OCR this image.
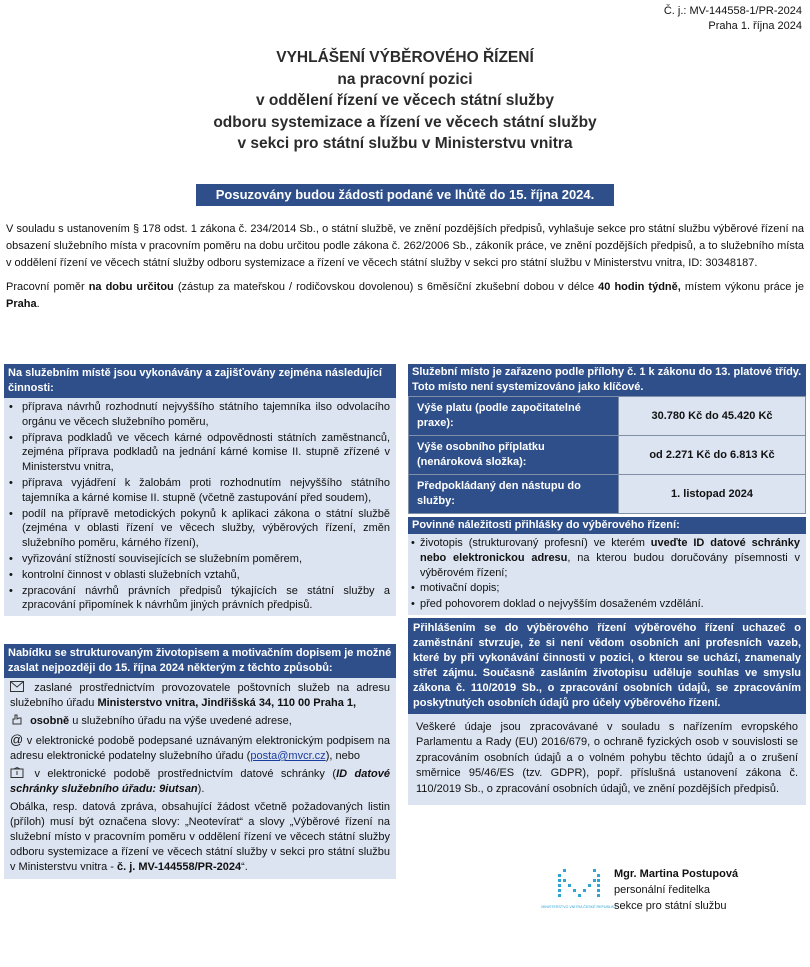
Č. j.: MV-144558-1/PR-2024
Praha 1. října 2024
VYHLÁŠENÍ VÝBĚROVÉHO ŘÍZENÍ
na pracovní pozici
v oddělení řízení ve věcech státní služby
odboru systemizace a řízení ve věcech státní služby
v sekci pro státní službu v Ministerstvu vnitra
Posuzovány budou žádosti podané ve lhůtě do 15. října 2024.

V souladu s ustanovením § 178 odst. 1 zákona č. 234/2014 Sb., o státní službě, ve znění pozdějších předpisů, vyhlašuje sekce pro státní službu výběrové řízení na obsazení služebního místa v pracovním poměru na dobu určitou podle zákona č. 262/2006 Sb., zákoník práce, ve znění pozdějších předpisů, a to služebního místa v oddělení řízení ve věcech státní služby odboru systemizace a řízení ve věcech státní služby v sekci pro státní službu v Ministerstvu vnitra, ID: 30348187.

Pracovní poměr na dobu určitou (zástup za mateřskou / rodičovskou dovolenou) s 6měsíční zkušební dobou v délce 40 hodin týdně, místem výkonu práce je Praha.

Na služebním místě jsou vykonávány a zajišťovány zejména následující činnosti:
• příprava návrhů rozhodnutí nejvyššího státního tajemníka ilso odvolacího orgánu ve věcech služebního poměru,
• příprava podkladů ve věcech kárné odpovědnosti státních zaměstnanců, zejména příprava podkladů na jednání kárné komise II. stupně zřízené v Ministerstvu vnitra,
• příprava vyjádření k žalobám proti rozhodnutím nejvyššího státního tajemníka a kárné komise II. stupně (včetně zastupování před soudem),
• podíl na přípravě metodických pokynů k aplikaci zákona o státní službě (zejména v oblasti řízení ve věcech služby, výběrových řízení, změn služebního poměru, kárného řízení),
• vyřizování stížností souvisejících se služebním poměrem,
• kontrolní činnost v oblasti služebních vztahů,
• zpracování návrhů právních předpisů týkajících se státní služby a zpracování připomínek k návrhům jiných právních předpisů.
Nabídku se strukturovaným životopisem a motivačním dopisem je možné zaslat nejpozději do 15. října 2024 některým z těchto způsobů:

zaslané prostřednictvím provozovatele poštovních služeb na adresu služebního úřadu Ministerstvo vnitra, Jindřišská 34, 110 00 Praha 1,

osobně u služebního úřadu na výše uvedené adrese,

@ v elektronické podobě podepsané uznávaným elektronickým podpisem na adresu elektronické podatelny služebního úřadu (posta@mvcr.cz), nebo

v elektronické podobě prostřednictvím datové schránky (ID datové schránky služebního úřadu: 9iutsan).

Obálka, resp. datová zpráva, obsahující žádost včetně požadovaných listin (příloh) musí být označena slovy: „Neotevírat“ a slovy „Výběrové řízení na služební místo v pracovním poměru v oddělení řízení ve věcech státní služby odboru systemizace a řízení ve věcech státní služby v sekci pro státní službu v Ministerstvu vnitra - č. j. MV-144558/PR-2024“.

Služební místo je zařazeno podle přílohy č. 1 k zákonu do 13. platové třídy. Toto místo není systemizováno jako klíčové.
Výše platu (podle započitatelné praxe):	30.780 Kč do 45.420 Kč
Výše osobního příplatku (nenároková složka):	od 2.271 Kč do 6.813 Kč
Předpokládaný den nástupu do služby:	1. listopad 2024
Povinné náležitosti přihlášky do výběrového řízení:
• životopis (strukturovaný profesní) ve kterém uveďte ID datové schránky nebo elektronickou adresu, na kterou budou doručovány písemnosti v výběrovém řízení;
• motivační dopis;
• před pohovorem doklad o nejvyšším dosaženém vzdělání.
Přihlášením se do výběrového řízení výběrového řízení uchazeč o zaměstnání stvrzuje, že si není vědom osobních ani profesních vazeb, které by při vykonávání činnosti v pozici, o kterou se uchází, znamenaly střet zájmu. Současně zasláním životopisu uděluje souhlas ve smyslu zákona č. 110/2019 Sb., o zpracování osobních údajů, se zpracováním poskytnutých osobních údajů pro účely výběrového řízení.
Veškeré údaje jsou zpracovávané v souladu s nařízením evropského Parlamentu a Rady (EU) 2016/679, o ochraně fyzických osob v souvislosti se zpracováním osobních údajů a o volném pohybu těchto údajů a o zrušení směrnice 95/46/ES (tzv. GDPR), popř. příslušná ustanovení zákona č. 110/2019 Sb., o zpracování osobních údajů, ve znění pozdějších předpisů.
MINISTERSTVO VNITRA ČESKÉ REPUBLIKY
Mgr. Martina Postupová
personální ředitelka
sekce pro státní službu
